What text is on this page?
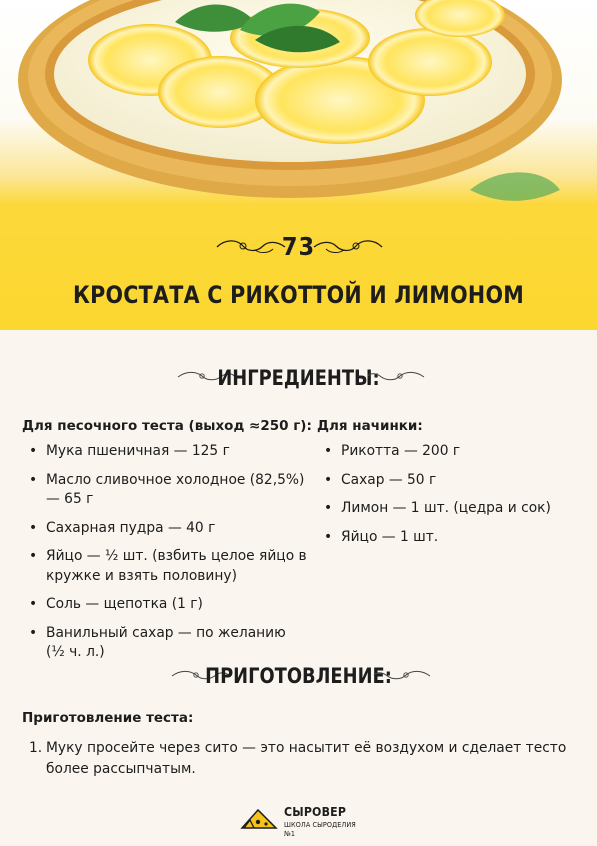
73
КРОСТАТА С РИКОТТОЙ И ЛИМОНОМ
ИНГРЕДИЕНТЫ:
Для песочного теста (выход ≈250 г):
• Мука пшеничная — 125 г
• Масло сливочное холодное (82,5%) — 65 г
• Сахарная пудра — 40 г
• Яйцо — ½ шт. (взбить целое яйцо в кружке и взять половину)
• Соль — щепотка (1 г)
• Ванильный сахар — по желанию (½ ч. л.)
Для начинки:
• Рикотта — 200 г
• Сахар — 50 г
• Лимон — 1 шт. (цедра и сок)
• Яйцо — 1 шт.
ПРИГОТОВЛЕНИЕ:
Приготовление теста:
1. Муку просейте через сито — это насытит её воздухом и сделает тесто более рассыпчатым.
СЫРОВЕР
ШКОЛА СЫРОДЕЛИЯ №1
